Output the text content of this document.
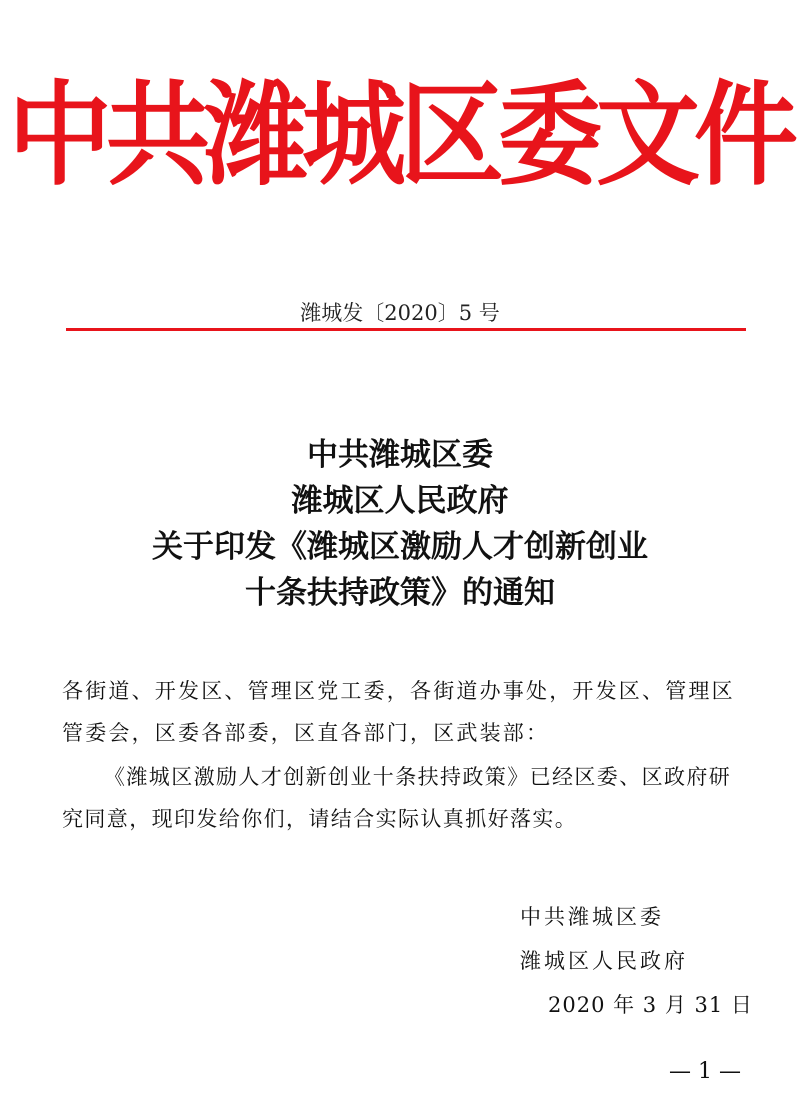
中共潍城区委文件
潍城发〔2020〕5 号
中共潍城区委
潍城区人民政府
关于印发《潍城区激励人才创新创业
十条扶持政策》的通知
各街道、开发区、管理区党工委，各街道办事处，开发区、管理区管委会，区委各部委，区直各部门，区武装部：
《潍城区激励人才创新创业十条扶持政策》已经区委、区政府研究同意，现印发给你们，请结合实际认真抓好落实。
中共潍城区委
潍城区人民政府
2020 年 3 月 31 日
— 1 —
